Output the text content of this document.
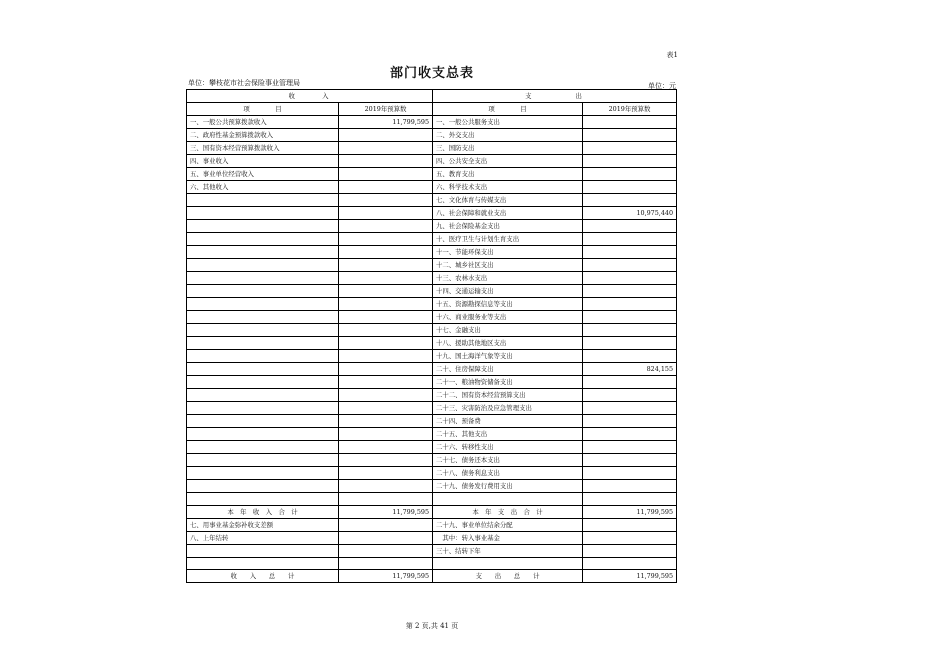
表1
部门收支总表
单位：攀枝花市社会保险事业管理局	单位：元
收　　　入		支　　　　　出	
项　　　　目	2019年预算数	项　　　　目	2019年预算数
一、一般公共预算拨款收入	11,799,595	一、一般公共服务支出	
二、政府性基金预算拨款收入		二、外交支出	
三、国有资本经营预算拨款收入		三、国防支出	
四、事业收入		四、公共安全支出	
五、事业单位经营收入		五、教育支出	
六、其他收入		六、科学技术支出	
		七、文化体育与传媒支出	
		八、社会保障和就业支出	10,975,440
		九、社会保险基金支出	
		十、医疗卫生与计划生育支出	
		十一、节能环保支出	
		十二、城乡社区支出	
		十三、农林水支出	
		十四、交通运输支出	
		十五、资源勘探信息等支出	
		十六、商业服务业等支出	
		十七、金融支出	
		十八、援助其他地区支出	
		十九、国土海洋气象等支出	
		二十、住房保障支出	824,155
		二十一、粮油物资储备支出	
		二十二、国有资本经营预算支出	
		二十三、灾害防治及应急管理支出	
		二十四、预备费	
		二十五、其他支出	
		二十六、转移性支出	
		二十七、债务还本支出	
		二十八、债务利息支出	
		二十九、债务发行费用支出	

本　年　收　入　合　计	11,799,595	本　年　支　出　合　计	11,799,595
七、用事业基金弥补收支差额		二十九、事业单位结余分配	
八、上年结转		　其中：转入事业基金	
		三十、结转下年	

收　　入　　总　　计	11,799,595	支　　出　　总　　计	11,799,595
第 2 页,共 41 页
